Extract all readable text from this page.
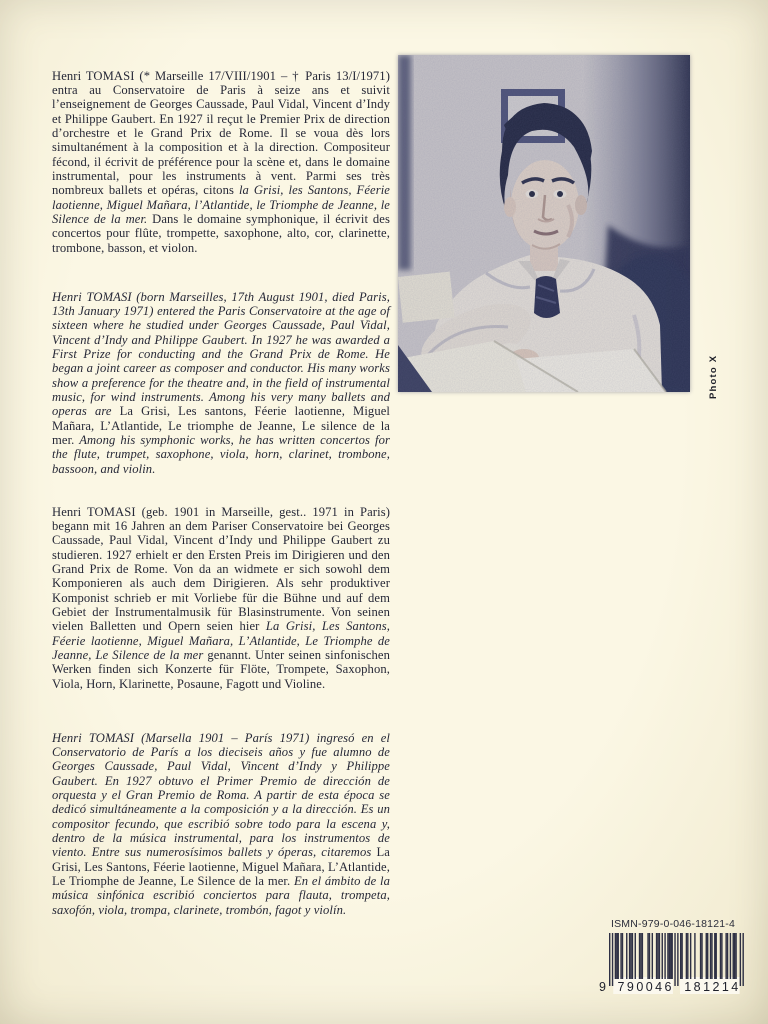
Henri TOMASI (* Marseille 17/VIII/1901 – † Paris 13/I/1971) entra au Conservatoire de Paris à seize ans et suivit l’enseignement de Georges Caussade, Paul Vidal, Vincent d’Indy et Philippe Gaubert. En 1927 il reçut le Premier Prix de direction d’orchestre et le Grand Prix de Rome. Il se voua dès lors simultanément à la composition et à la direction. Compositeur fécond, il écrivit de préférence pour la scène et, dans le domaine instrumental, pour les instruments à vent. Parmi ses très nombreux ballets et opéras, citons la Grisi, les Santons, Féerie laotienne, Miguel Mañara, l’Atlantide, le Triomphe de Jeanne, le Silence de la mer. Dans le domaine symphonique, il écrivit des concertos pour flûte, trompette, saxophone, alto, cor, clarinette, trombone, basson, et violon.

Henri TOMASI (born Marseilles, 17th August 1901, died Paris, 13th January 1971) entered the Paris Conservatoire at the age of sixteen where he studied under Georges Caussade, Paul Vidal, Vincent d’Indy and Philippe Gaubert. In 1927 he was awarded a First Prize for conducting and the Grand Prix de Rome. He began a joint career as composer and conductor. His many works show a preference for the theatre and, in the field of instrumental music, for wind instruments. Among his very many ballets and operas are La Grisi, Les santons, Féerie laotienne, Miguel Mañara, L’Atlantide, Le triomphe de Jeanne, Le silence de la mer. Among his symphonic works, he has written concertos for the flute, trumpet, saxophone, viola, horn, clarinet, trombone, bassoon, and violin.

Henri TOMASI (geb. 1901 in Marseille, gest.. 1971 in Paris) begann mit 16 Jahren an dem Pariser Conservatoire bei Georges Caussade, Paul Vidal, Vincent d’Indy und Philippe Gaubert zu studieren. 1927 erhielt er den Ersten Preis im Dirigieren und den Grand Prix de Rome. Von da an widmete er sich sowohl dem Komponieren als auch dem Dirigieren. Als sehr produktiver Komponist schrieb er mit Vorliebe für die Bühne und auf dem Gebiet der Instrumentalmusik für Blasinstrumente. Von seinen vielen Balletten und Opern seien hier La Grisi, Les Santons, Féerie laotienne, Miguel Mañara, L’Atlantide, Le Triomphe de Jeanne, Le Silence de la mer genannt. Unter seinen sinfonischen Werken finden sich Konzerte für Flöte, Trompete, Saxophon, Viola, Horn, Klarinette, Posaune, Fagott und Violine.

Henri TOMASI (Marsella 1901 – París 1971) ingresó en el Conservatorio de París a los dieciseis años y fue alumno de Georges Caussade, Paul Vidal, Vincent d’Indy y Philippe Gaubert. En 1927 obtuvo el Primer Premio de dirección de orquesta y el Gran Premio de Roma. A partir de esta época se dedicó simultáneamente a la composición y a la dirección. Es un compositor fecundo, que escribió sobre todo para la escena y, dentro de la música instrumental, para los instrumentos de viento. Entre sus numerosísimos ballets y óperas, citaremos La Grisi, Les Santons, Féerie laotienne, Miguel Mañara, L’Atlantide, Le Triomphe de Jeanne, Le Silence de la mer. En el ámbito de la música sinfónica escribió conciertos para flauta, trompeta, saxofón, viola, trompa, clarinete, trombón, fagot y violín.

Photo X
ISMN-979-0-046-18121-4
9 790046 181214
